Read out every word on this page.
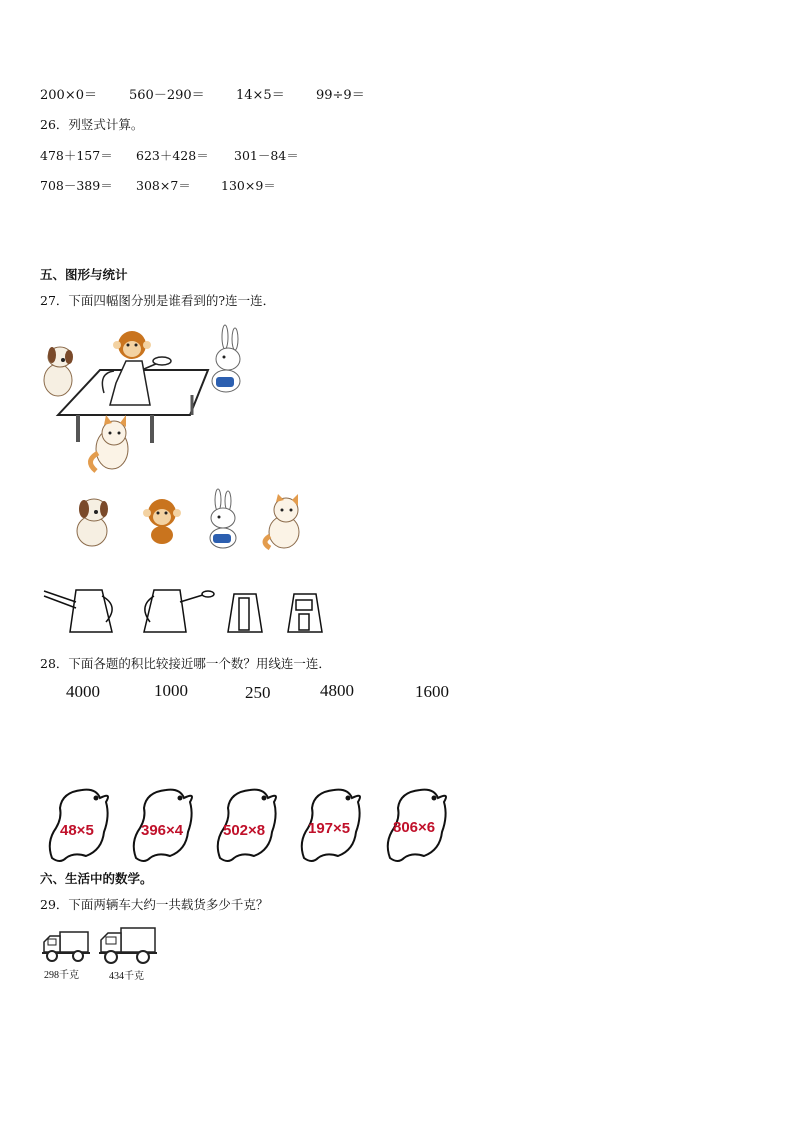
200×0＝ 560－290＝ 14×5＝ 99÷9＝
26．列竖式计算。
478＋157＝ 623＋428＝ 301－84＝
708－389＝ 308×7＝ 130×9＝
五、图形与统计
27．下面四幅图分别是谁看到的?连一连．
28．下面各题的积比较接近哪一个数？用线连一连．
4000	1000	250	4800	1600
48×5	396×4	502×8	197×5	806×6
六、生活中的数学。
29．下面两辆车大约一共载货多少千克？
298千克	434千克
